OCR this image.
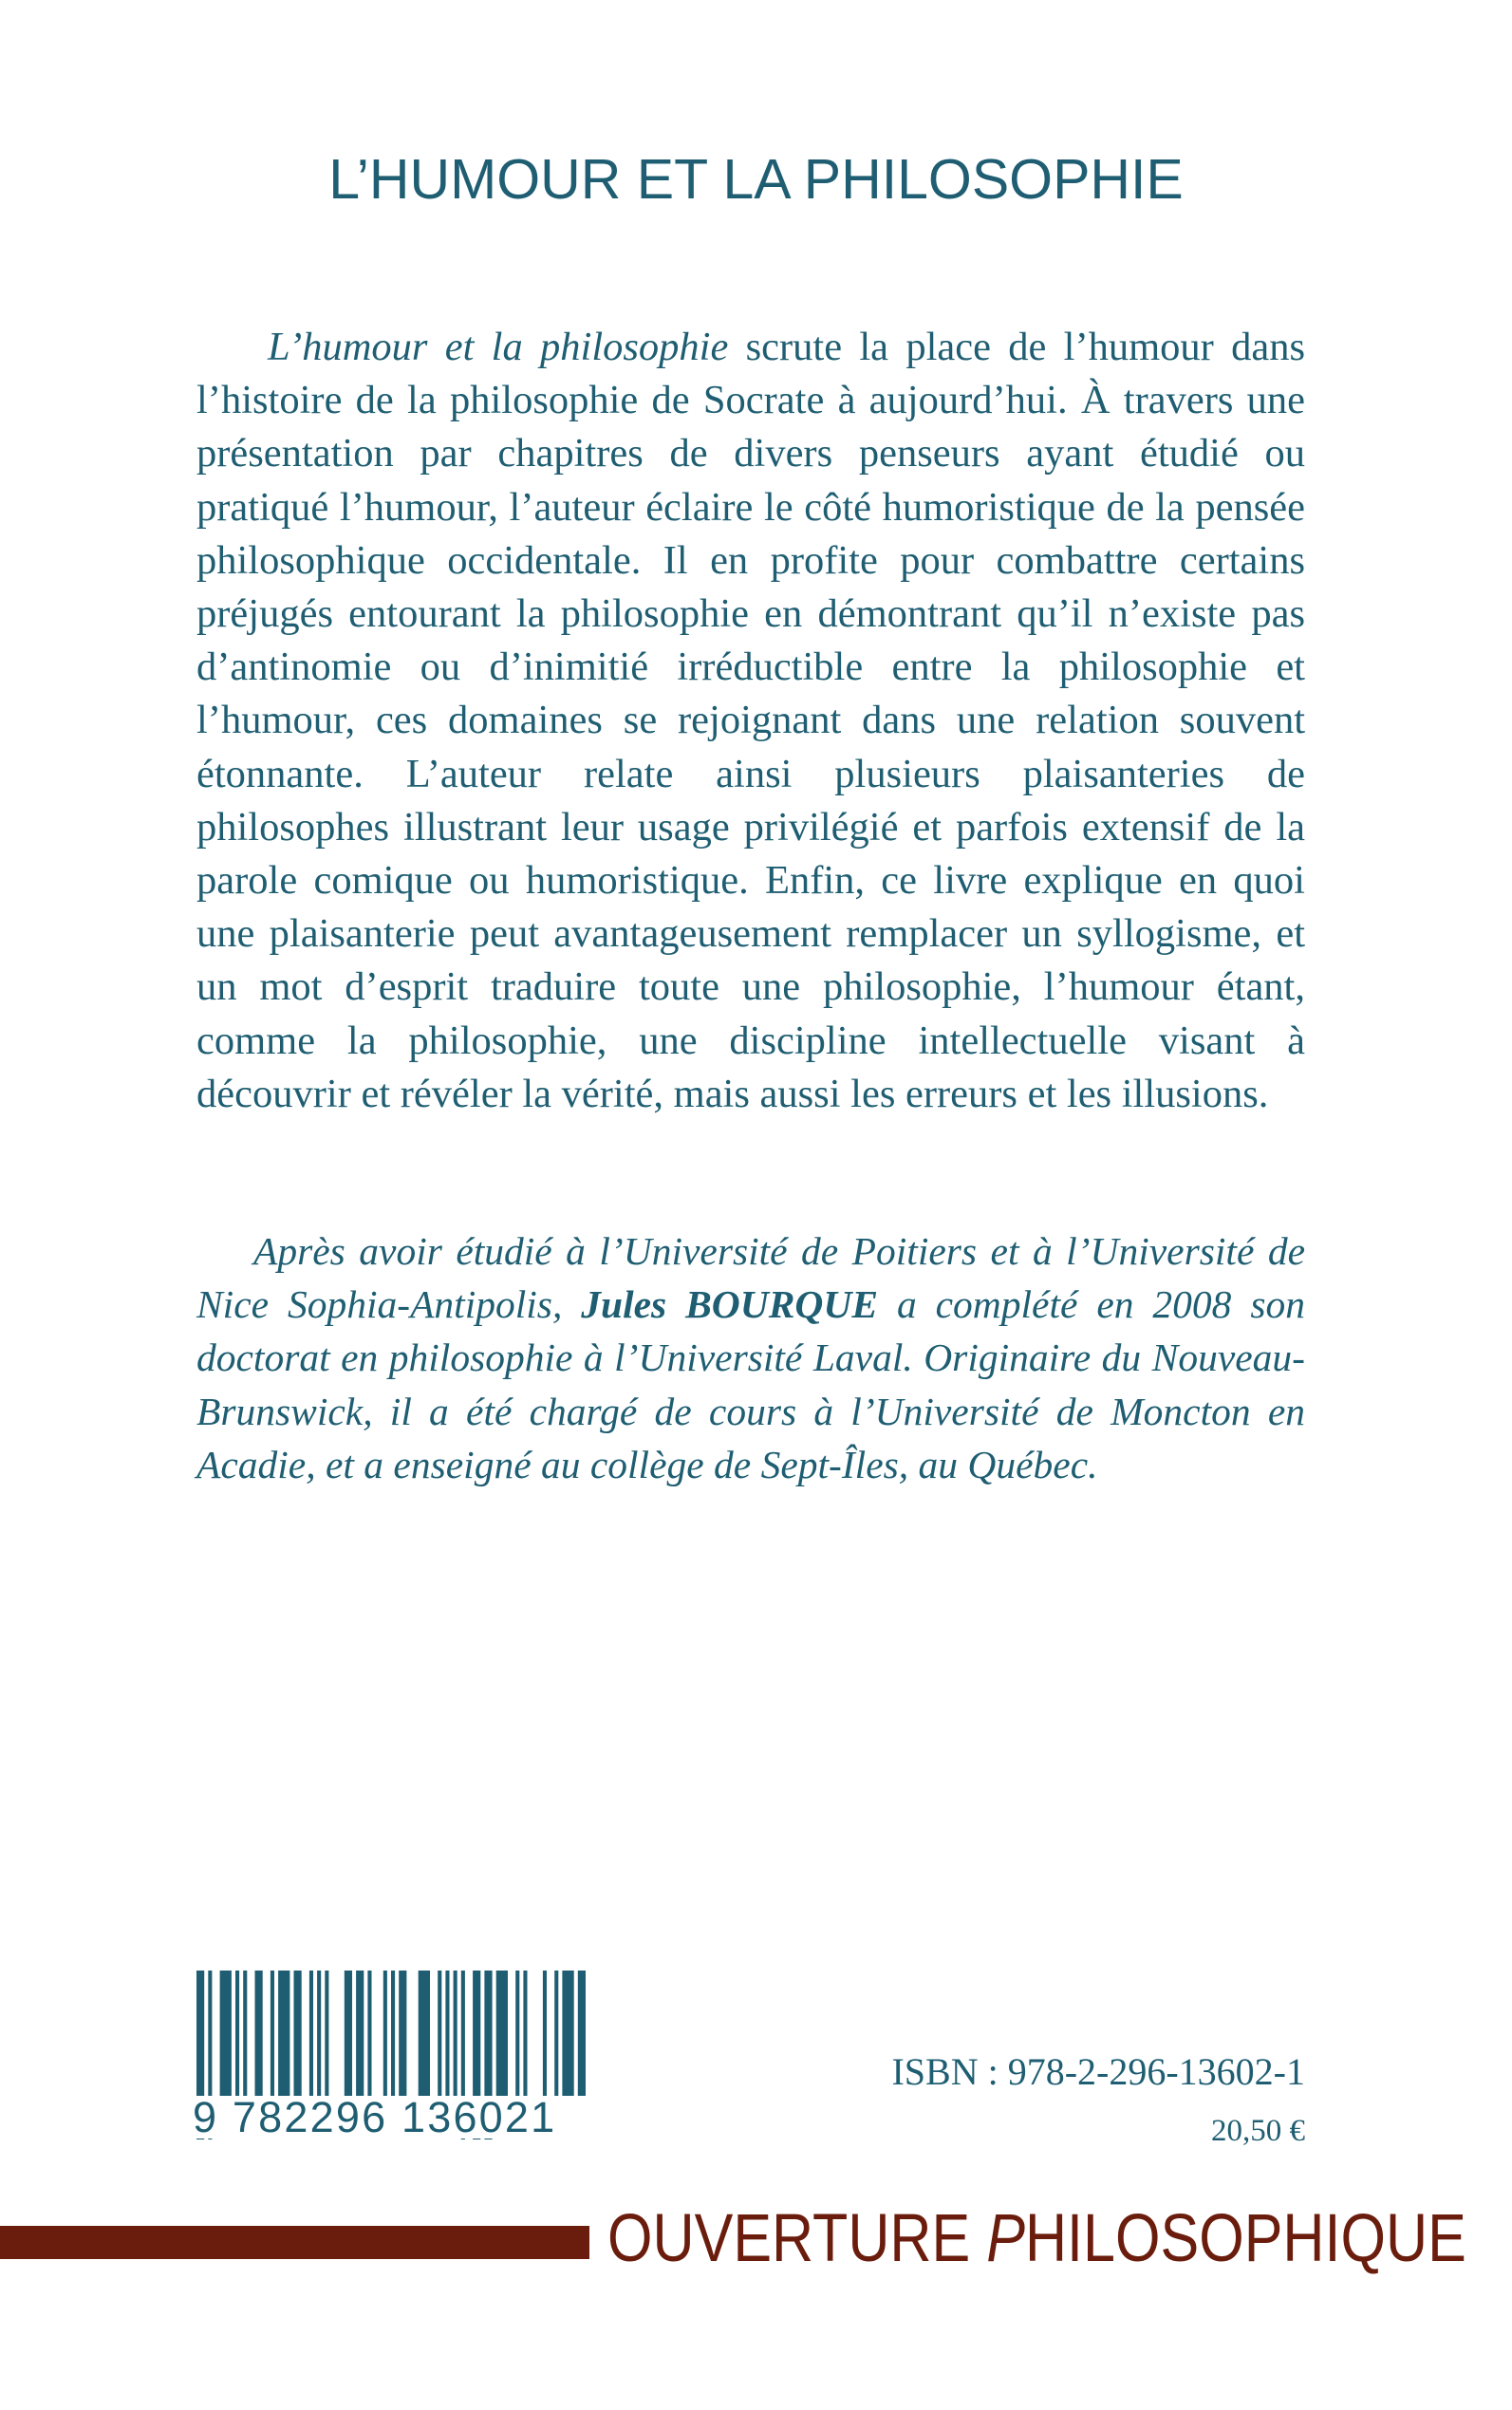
L’HUMOUR ET LA PHILOSOPHIE

L’humour et la philosophie scrute la place de l’humour dans l’histoire de la philosophie de Socrate à aujourd’hui. À travers une présentation par chapitres de divers penseurs ayant étudié ou pratiqué l’humour, l’auteur éclaire le côté humoristique de la pensée philosophique occidentale. Il en profite pour combattre certains préjugés entourant la philosophie en démontrant qu’il n’existe pas d’antinomie ou d’inimitié irréductible entre la philosophie et l’humour, ces domaines se rejoignant dans une relation souvent étonnante. L’auteur relate ainsi plusieurs plaisanteries de philosophes illustrant leur usage privilégié et parfois extensif de la parole comique ou humoristique. Enfin, ce livre explique en quoi une plaisanterie peut avantageusement remplacer un syllogisme, et un mot d’esprit traduire toute une philosophie, l’humour étant, comme la philosophie, une discipline intellectuelle visant à découvrir et révéler la vérité, mais aussi les erreurs et les illusions.

Après avoir étudié à l’Université de Poitiers et à l’Université de Nice Sophia-Antipolis, Jules BOURQUE a complété en 2008 son doctorat en philosophie à l’Université Laval. Originaire du Nouveau-Brunswick, il a été chargé de cours à l’Université de Moncton en Acadie, et a enseigné au collège de Sept-Îles, au Québec.

9 782296 136021
ISBN : 978-2-296-13602-1
20,50 €
OUVERTURE PHILOSOPHIQUE
